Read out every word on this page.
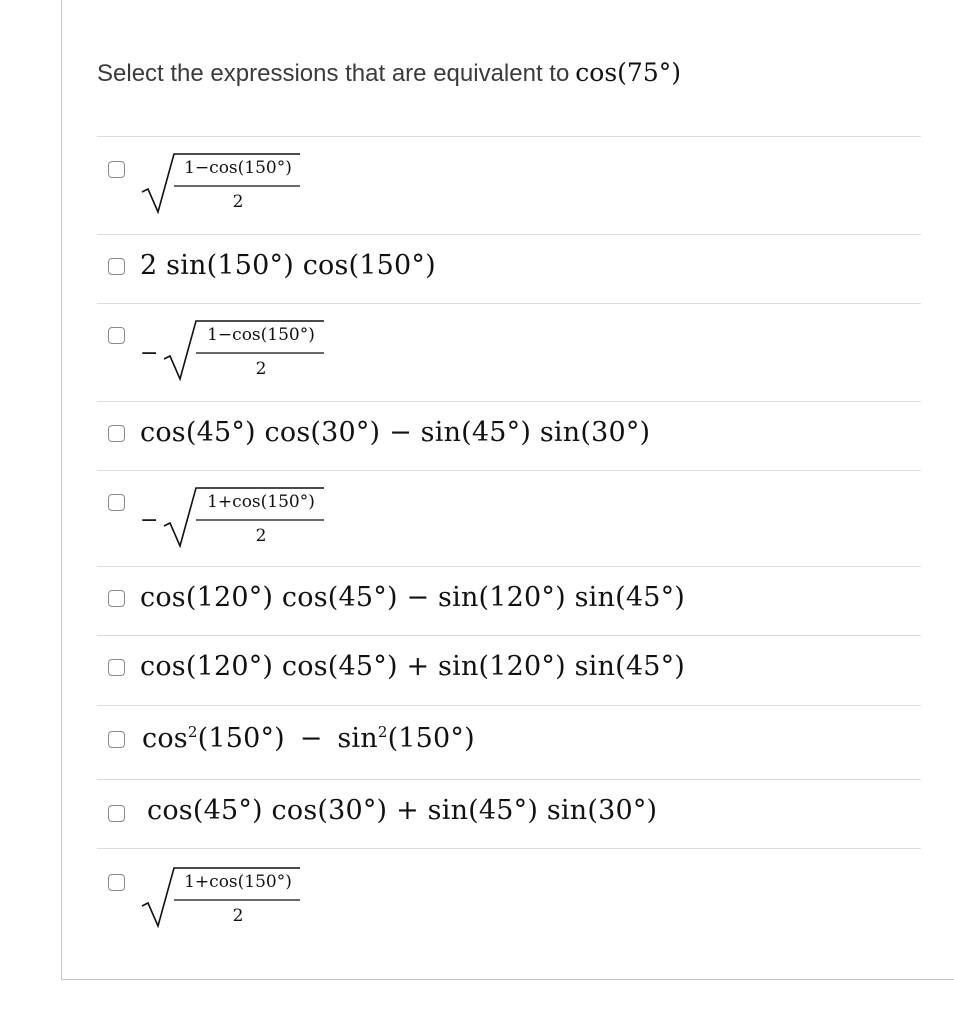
Select the expressions that are equivalent to cos(75°)
1−cos(150°)
2
2 sin(150°) cos(150°)
−
1−cos(150°)
2
cos(45°) cos(30°) − sin(45°) sin(30°)
−
1+cos(150°)
2
cos(120°) cos(45°) − sin(120°) sin(45°)
cos(120°) cos(45°) + sin(120°) sin(45°)
$\cos^2(150^\circ) - \sin^2(150^\circ)$
cos(45°) cos(30°) + sin(45°) sin(30°)
1+cos(150°)
2
